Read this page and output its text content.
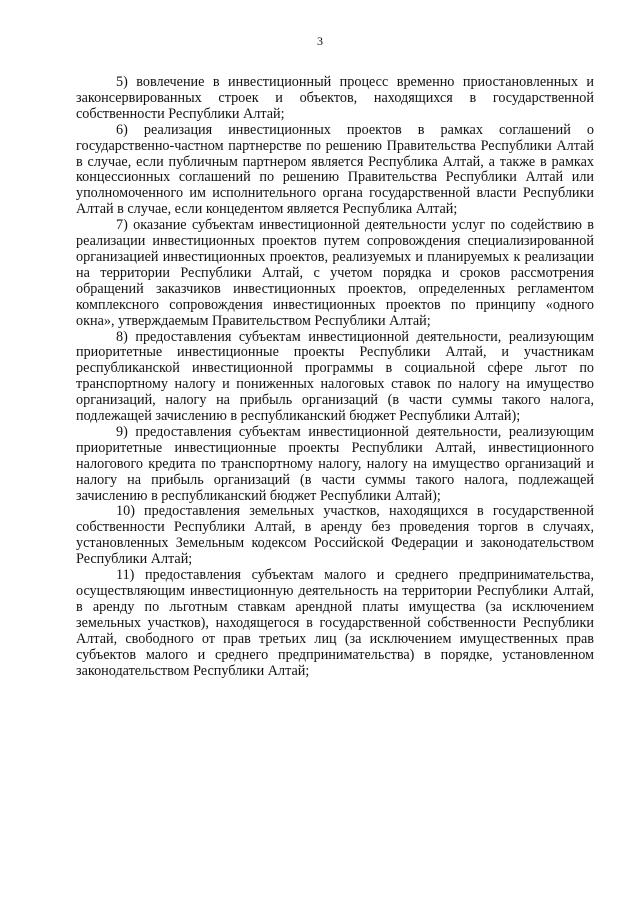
3

5) вовлечение в инвестиционный процесс временно приостановленных и законсервированных строек и объектов, находящихся в государственной собственности Республики Алтай;

6) реализация инвестиционных проектов в рамках соглашений о государственно-частном партнерстве по решению Правительства Республики Алтай в случае, если публичным партнером является Республика Алтай, а также в рамках концессионных соглашений по решению Правительства Республики Алтай или уполномоченного им исполнительного органа государственной власти Республики Алтай в случае, если концедентом является Республика Алтай;

7) оказание субъектам инвестиционной деятельности услуг по содействию в реализации инвестиционных проектов путем сопровождения специализированной организацией инвестиционных проектов, реализуемых и планируемых к реализации на территории Республики Алтай, с учетом порядка и сроков рассмотрения обращений заказчиков инвестиционных проектов, определенных регламентом комплексного сопровождения инвестиционных проектов по принципу «одного окна», утверждаемым Правительством Республики Алтай;

8) предоставления субъектам инвестиционной деятельности, реализующим приоритетные инвестиционные проекты Республики Алтай, и участникам республиканской инвестиционной программы в социальной сфере льгот по транспортному налогу и пониженных налоговых ставок по налогу на имущество организаций, налогу на прибыль организаций (в части суммы такого налога, подлежащей зачислению в республиканский бюджет Республики Алтай);

9) предоставления субъектам инвестиционной деятельности, реализующим приоритетные инвестиционные проекты Республики Алтай, инвестиционного налогового кредита по транспортному налогу, налогу на имущество организаций и налогу на прибыль организаций (в части суммы такого налога, подлежащей зачислению в республиканский бюджет Республики Алтай);

10) предоставления земельных участков, находящихся в государственной собственности Республики Алтай, в аренду без проведения торгов в случаях, установленных Земельным кодексом Российской Федерации и законодательством Республики Алтай;

11) предоставления субъектам малого и среднего предпринимательства, осуществляющим инвестиционную деятельность на территории Республики Алтай, в аренду по льготным ставкам арендной платы имущества (за исключением земельных участков), находящегося в государственной собственности Республики Алтай, свободного от прав третьих лиц (за исключением имущественных прав субъектов малого и среднего предпринимательства) в порядке, установленном законодательством Республики Алтай;
